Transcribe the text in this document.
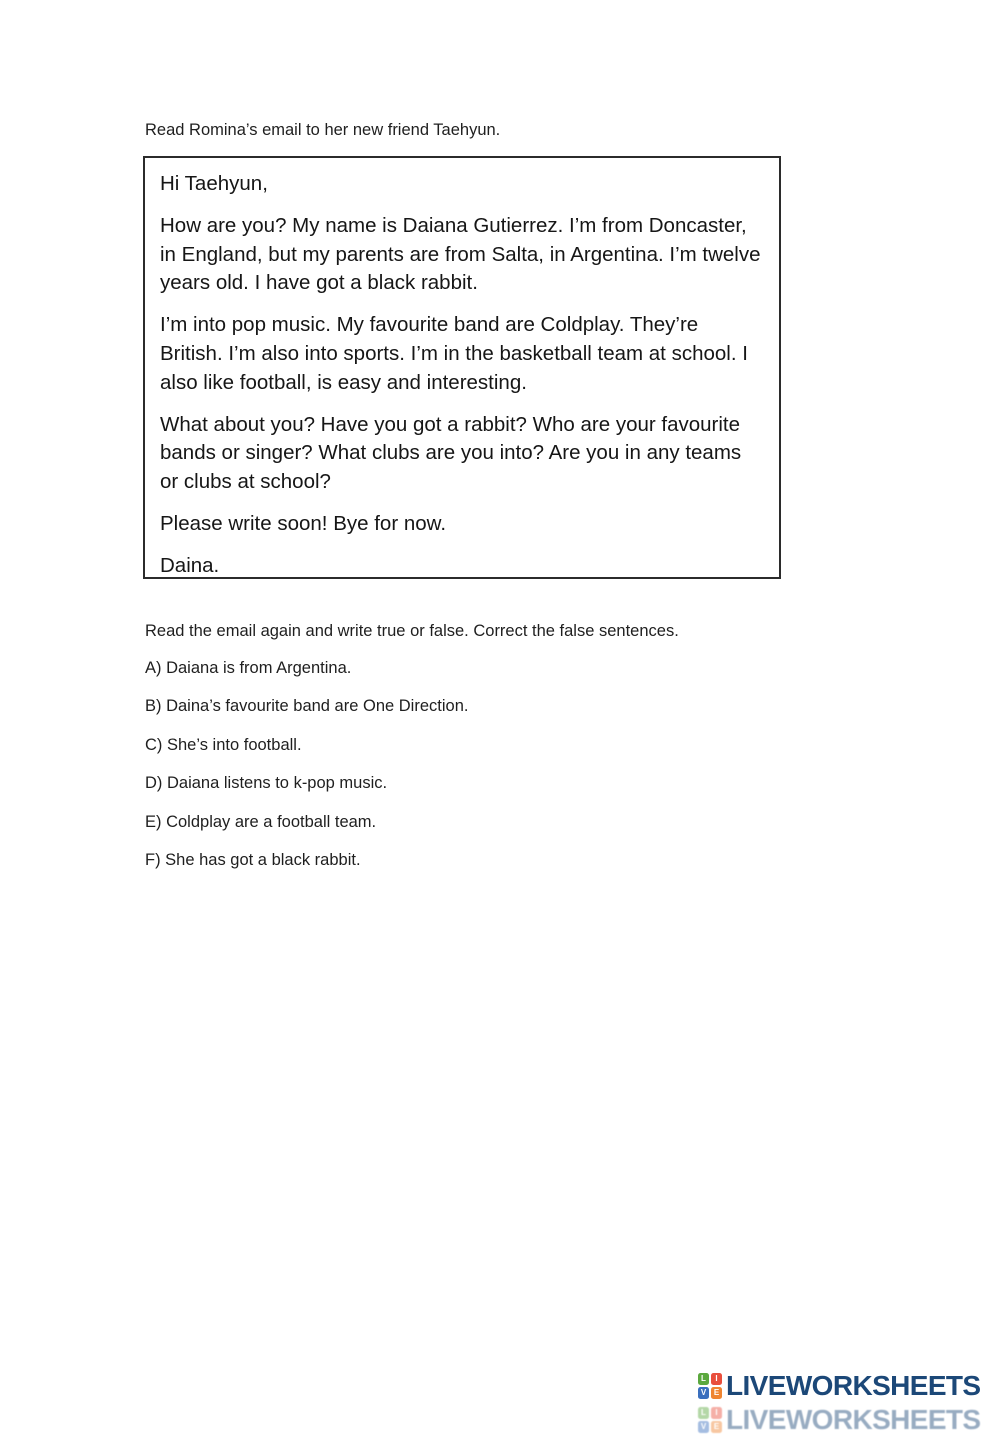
Read Romina’s email to her new friend Taehyun.

Hi Taehyun,

How are you? My name is Daiana Gutierrez. I’m from Doncaster, in England, but my parents are from Salta, in Argentina. I’m twelve years old. I have got a black rabbit.

I’m into pop music. My favourite band are Coldplay. They’re British. I’m also into sports. I’m in the basketball team at school. I also like football, is easy and interesting.

What about you? Have you got a rabbit? Who are your favourite bands or singer? What clubs are you into? Are you in any teams or clubs at school?

Please write soon! Bye for now.

Daina.

Read the email again and write true or false. Correct the false sentences.
A) Daiana is from Argentina.
B) Daina’s favourite band are One Direction.
C) She’s into football.
D) Daiana listens to k-pop music.
E) Coldplay are a football team.
F) She has got a black rabbit.
L	I
V E LIVEWORKSHEETS
L	I
V E LIVEWORKSHEETS
